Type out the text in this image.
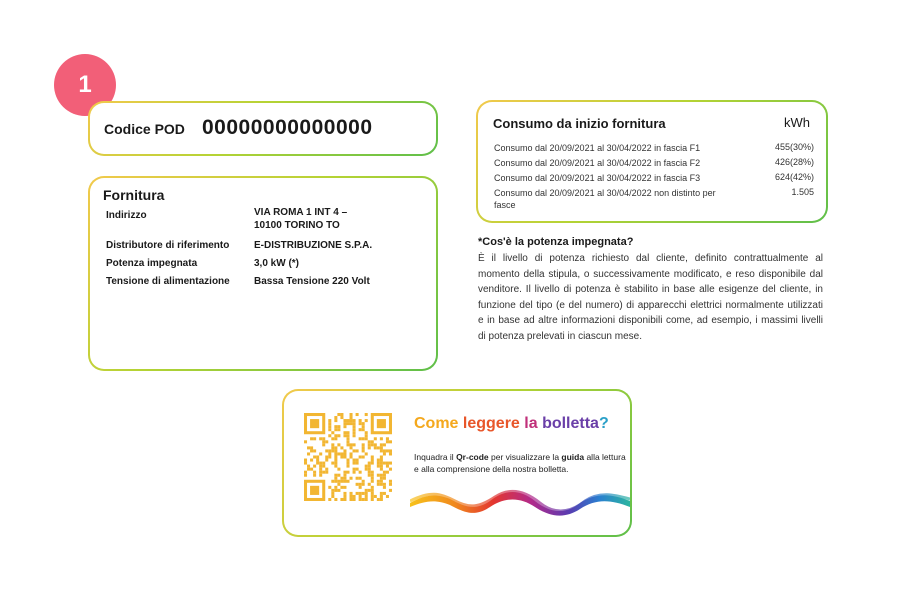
1
Codice POD 00000000000000
Fornitura
Indirizzo	VIA ROMA 1 INT 4 –
10100 TORINO TO
Distributore di riferimento E-DISTRIBUZIONE S.P.A.
Potenza impegnata	3,0 kW (*)
Tensione di alimentazione Bassa Tensione 220 Volt
Consumo da inizio fornitura	kWh
Consumo dal 20/09/2021 al 30/04/2022 in fascia F1	455(30%)
Consumo dal 20/09/2021 al 30/04/2022 in fascia F2	426(28%)
Consumo dal 20/09/2021 al 30/04/2022 in fascia F3	624(42%)
Consumo dal 20/09/2021 al 30/04/2022 non distinto per fasce
1.505
*Cos'è la potenza impegnata?
È il livello di potenza richiesto dal cliente, definito contrattualmente al momento della stipula, o successivamente modificato, e reso disponibile dal venditore. Il livello di potenza è stabilito in base alle esigenze del cliente, in funzione del tipo (e del numero) di apparecchi elettrici normalmente utilizzati e in base ad altre informazioni disponibili come, ad esempio, i massimi livelli di potenza prelevati in ciascun mese.
Come leggere la bolletta?
Inquadra il Qr-code per visualizzare la guida alla lettura e alla comprensione della nostra bolletta.
